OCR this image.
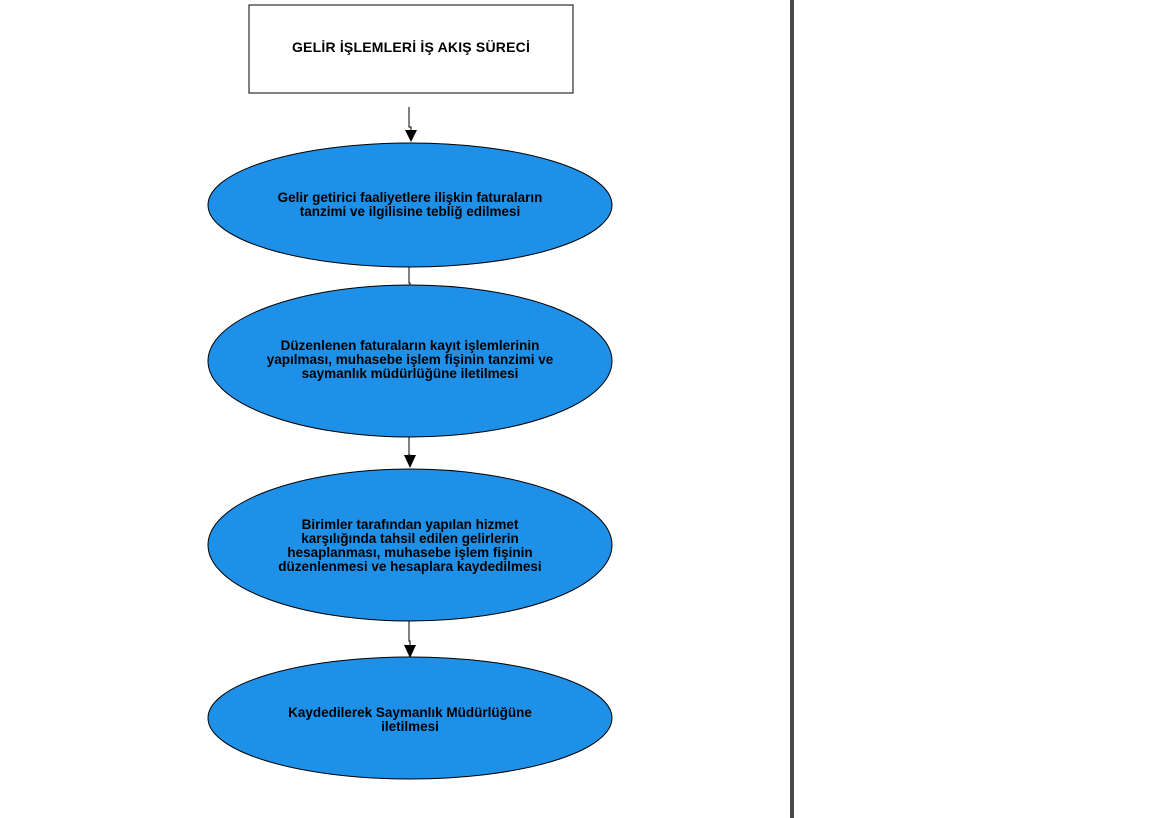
GELİR İŞLEMLERİ İŞ AKIŞ SÜRECİ
Gelir getirici faaliyetlere ilişkin faturaların tanzimi ve ilgilisine tebliğ edilmesi
Düzenlenen faturaların kayıt işlemlerinin yapılması, muhasebe işlem fişinin tanzimi ve saymanlık müdürlüğüne iletilmesi
Birimler tarafından yapılan hizmet karşılığında tahsil edilen gelirlerin hesaplanması, muhasebe işlem fişinin düzenlenmesi ve hesaplara kaydedilmesi
Kaydedilerek Saymanlık Müdürlüğüne iletilmesi
